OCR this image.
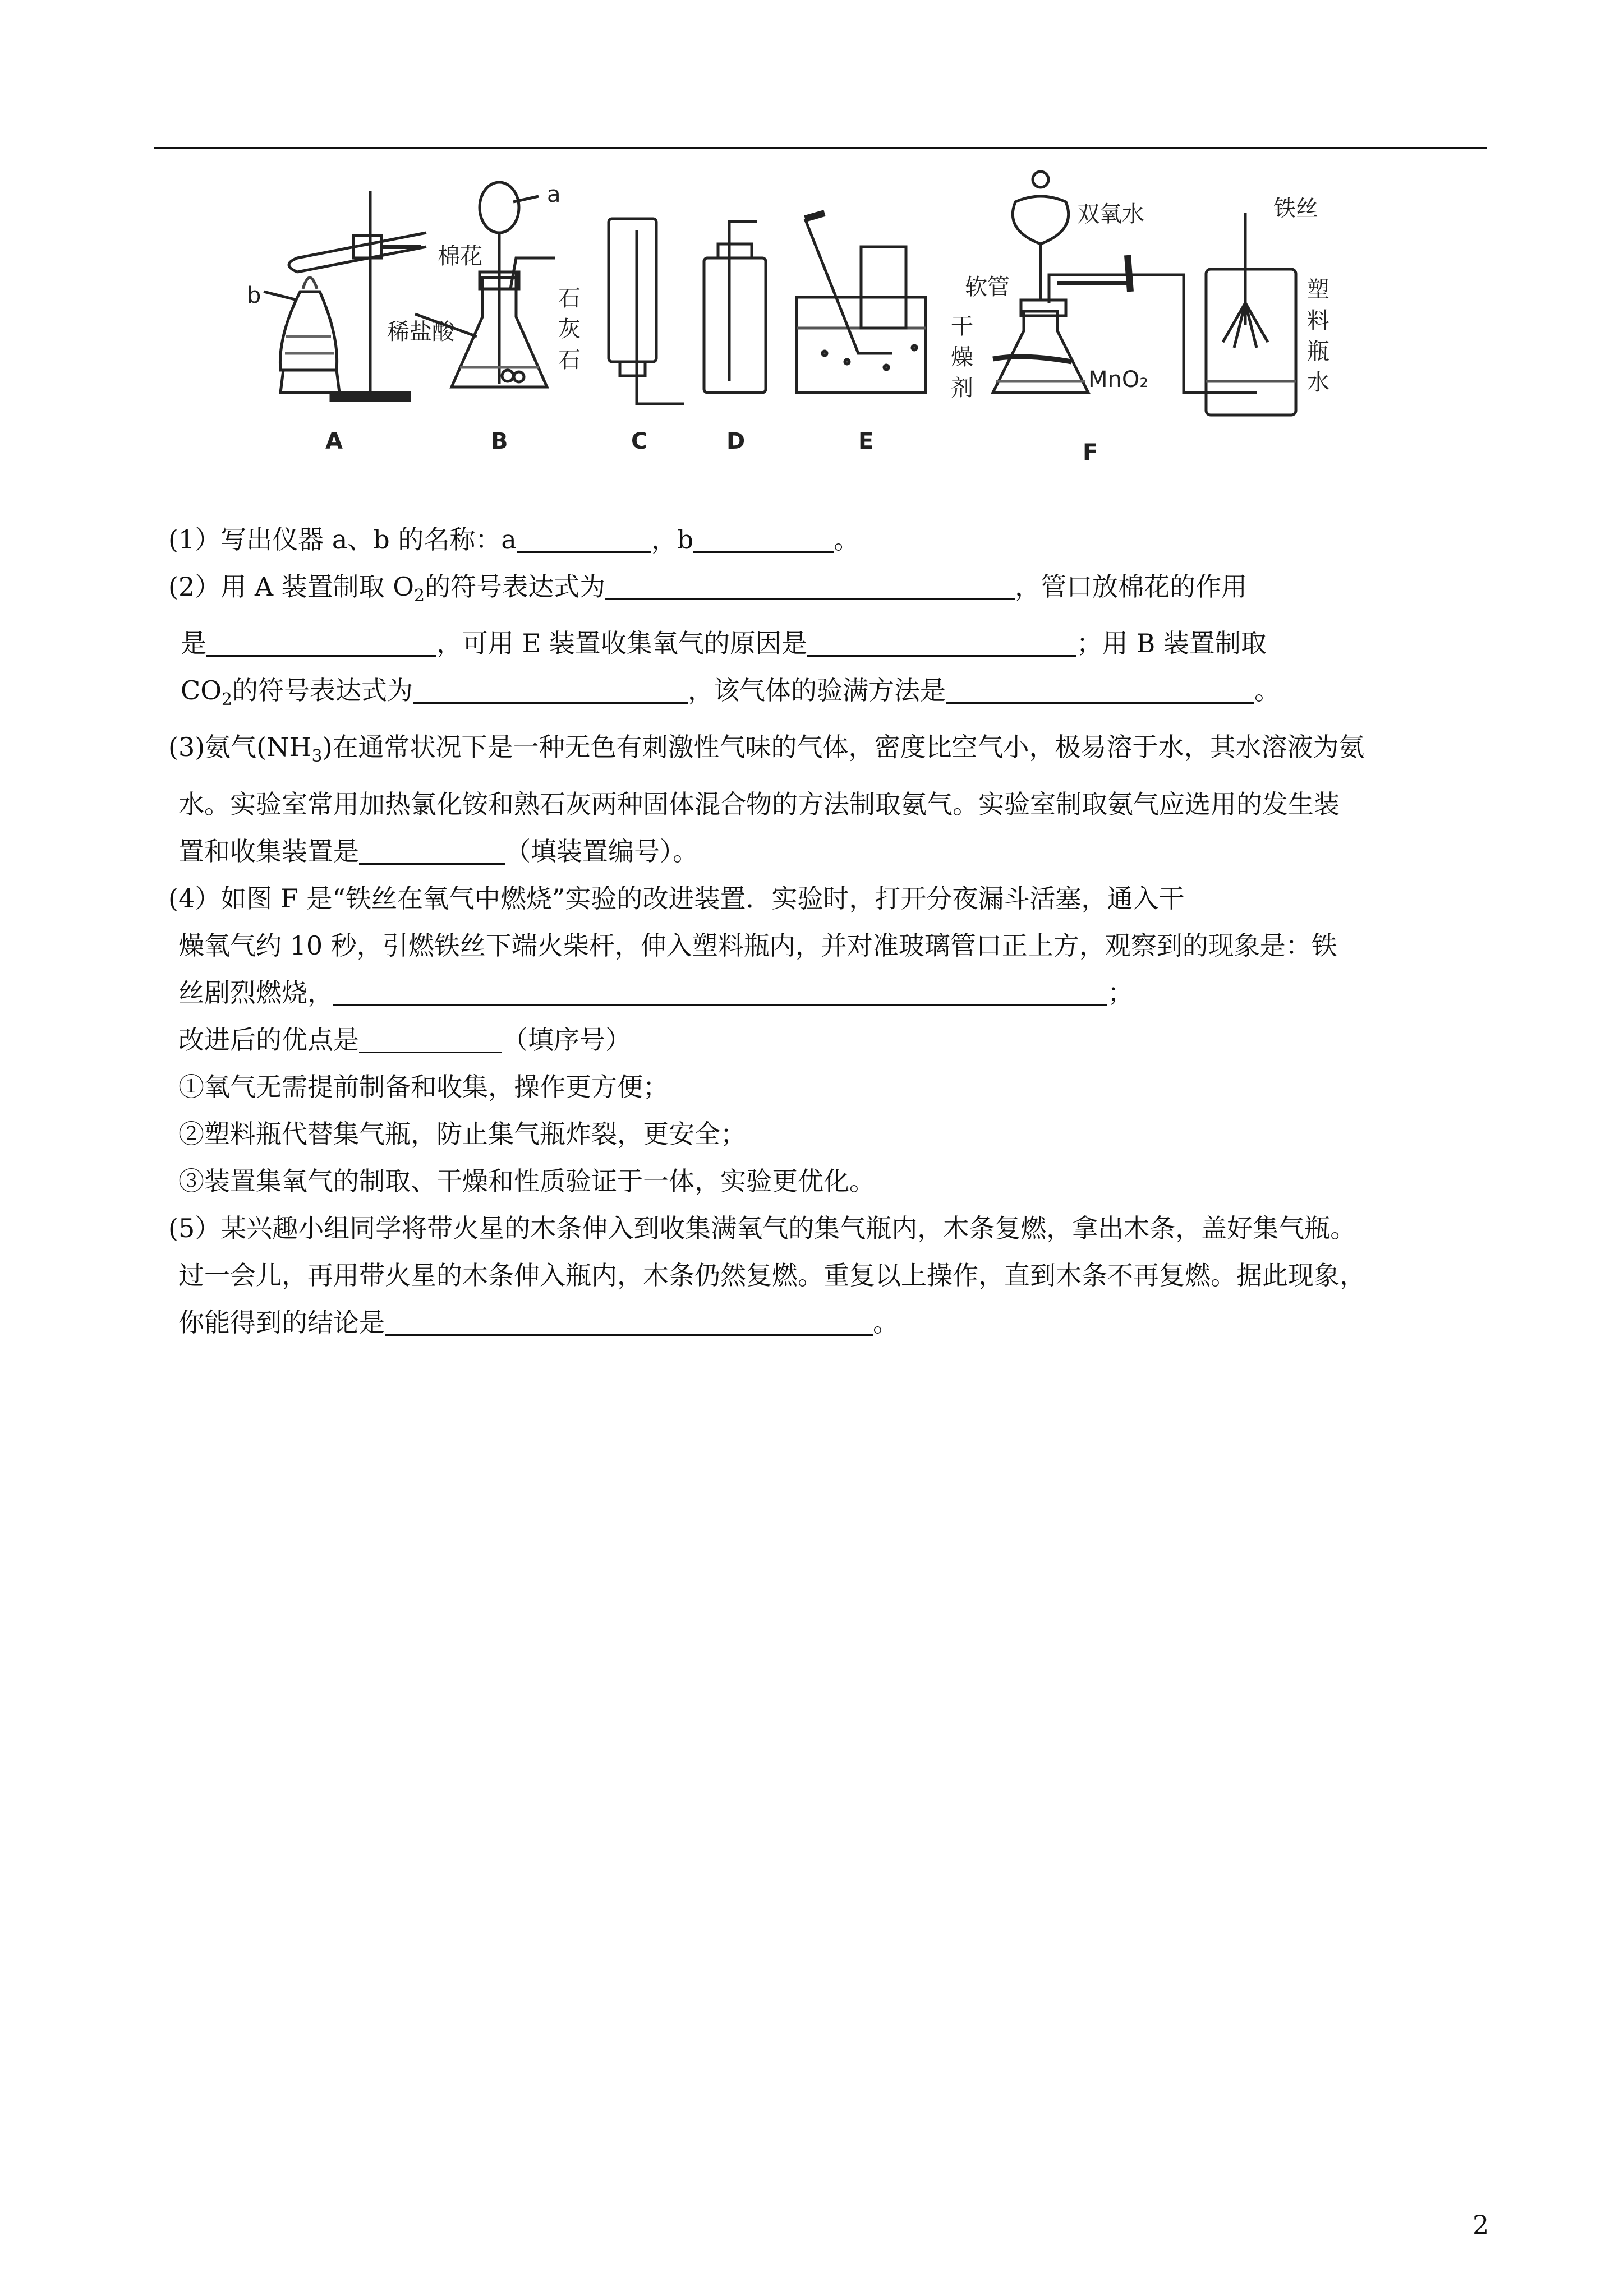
棉花
a
b
稀盐酸
石
灰
石
双氧水
软管
干
燥
剂	MnO₂
铁丝
塑
料
瓶
水
A	B	C	D	E	F
(1）写出仪器 a、b 的名称：a	，b	。
(2）用 A 装置制取 $O_2$的符号表达式为	，管口放棉花的作用
是	，可用 E 装置收集氧气的原因是	；用 B 装置制取
$CO_2$的符号表达式为	，该气体的验满方法是	。
(3)氨气$(NH_3)$在通常状况下是一种无色有刺激性气味的气体，密度比空气小，极易溶于水，其水溶液为氨
水。实验室常用加热氯化铵和熟石灰两种固体混合物的方法制取氨气。实验室制取氨气应选用的发生装
置和收集装置是	（填装置编号）。
(4）如图 F 是“铁丝在氧气中燃烧”实验的改进装置．实验时，打开分夜漏斗活塞，通入干
燥氧气约 10 秒，引燃铁丝下端火柴杆，伸入塑料瓶内，并对准玻璃管口正上方，观察到的现象是：铁
丝剧烈燃烧，	；
改进后的优点是	（填序号）
①氧气无需提前制备和收集，操作更方便；
②塑料瓶代替集气瓶，防止集气瓶炸裂，更安全；
③装置集氧气的制取、干燥和性质验证于一体，实验更优化。
(5）某兴趣小组同学将带火星的木条伸入到收集满氧气的集气瓶内，木条复燃，拿出木条，盖好集气瓶。
过一会儿，再用带火星的木条伸入瓶内，木条仍然复燃。重复以上操作，直到木条不再复燃。据此现象，
你能得到的结论是	。
2
